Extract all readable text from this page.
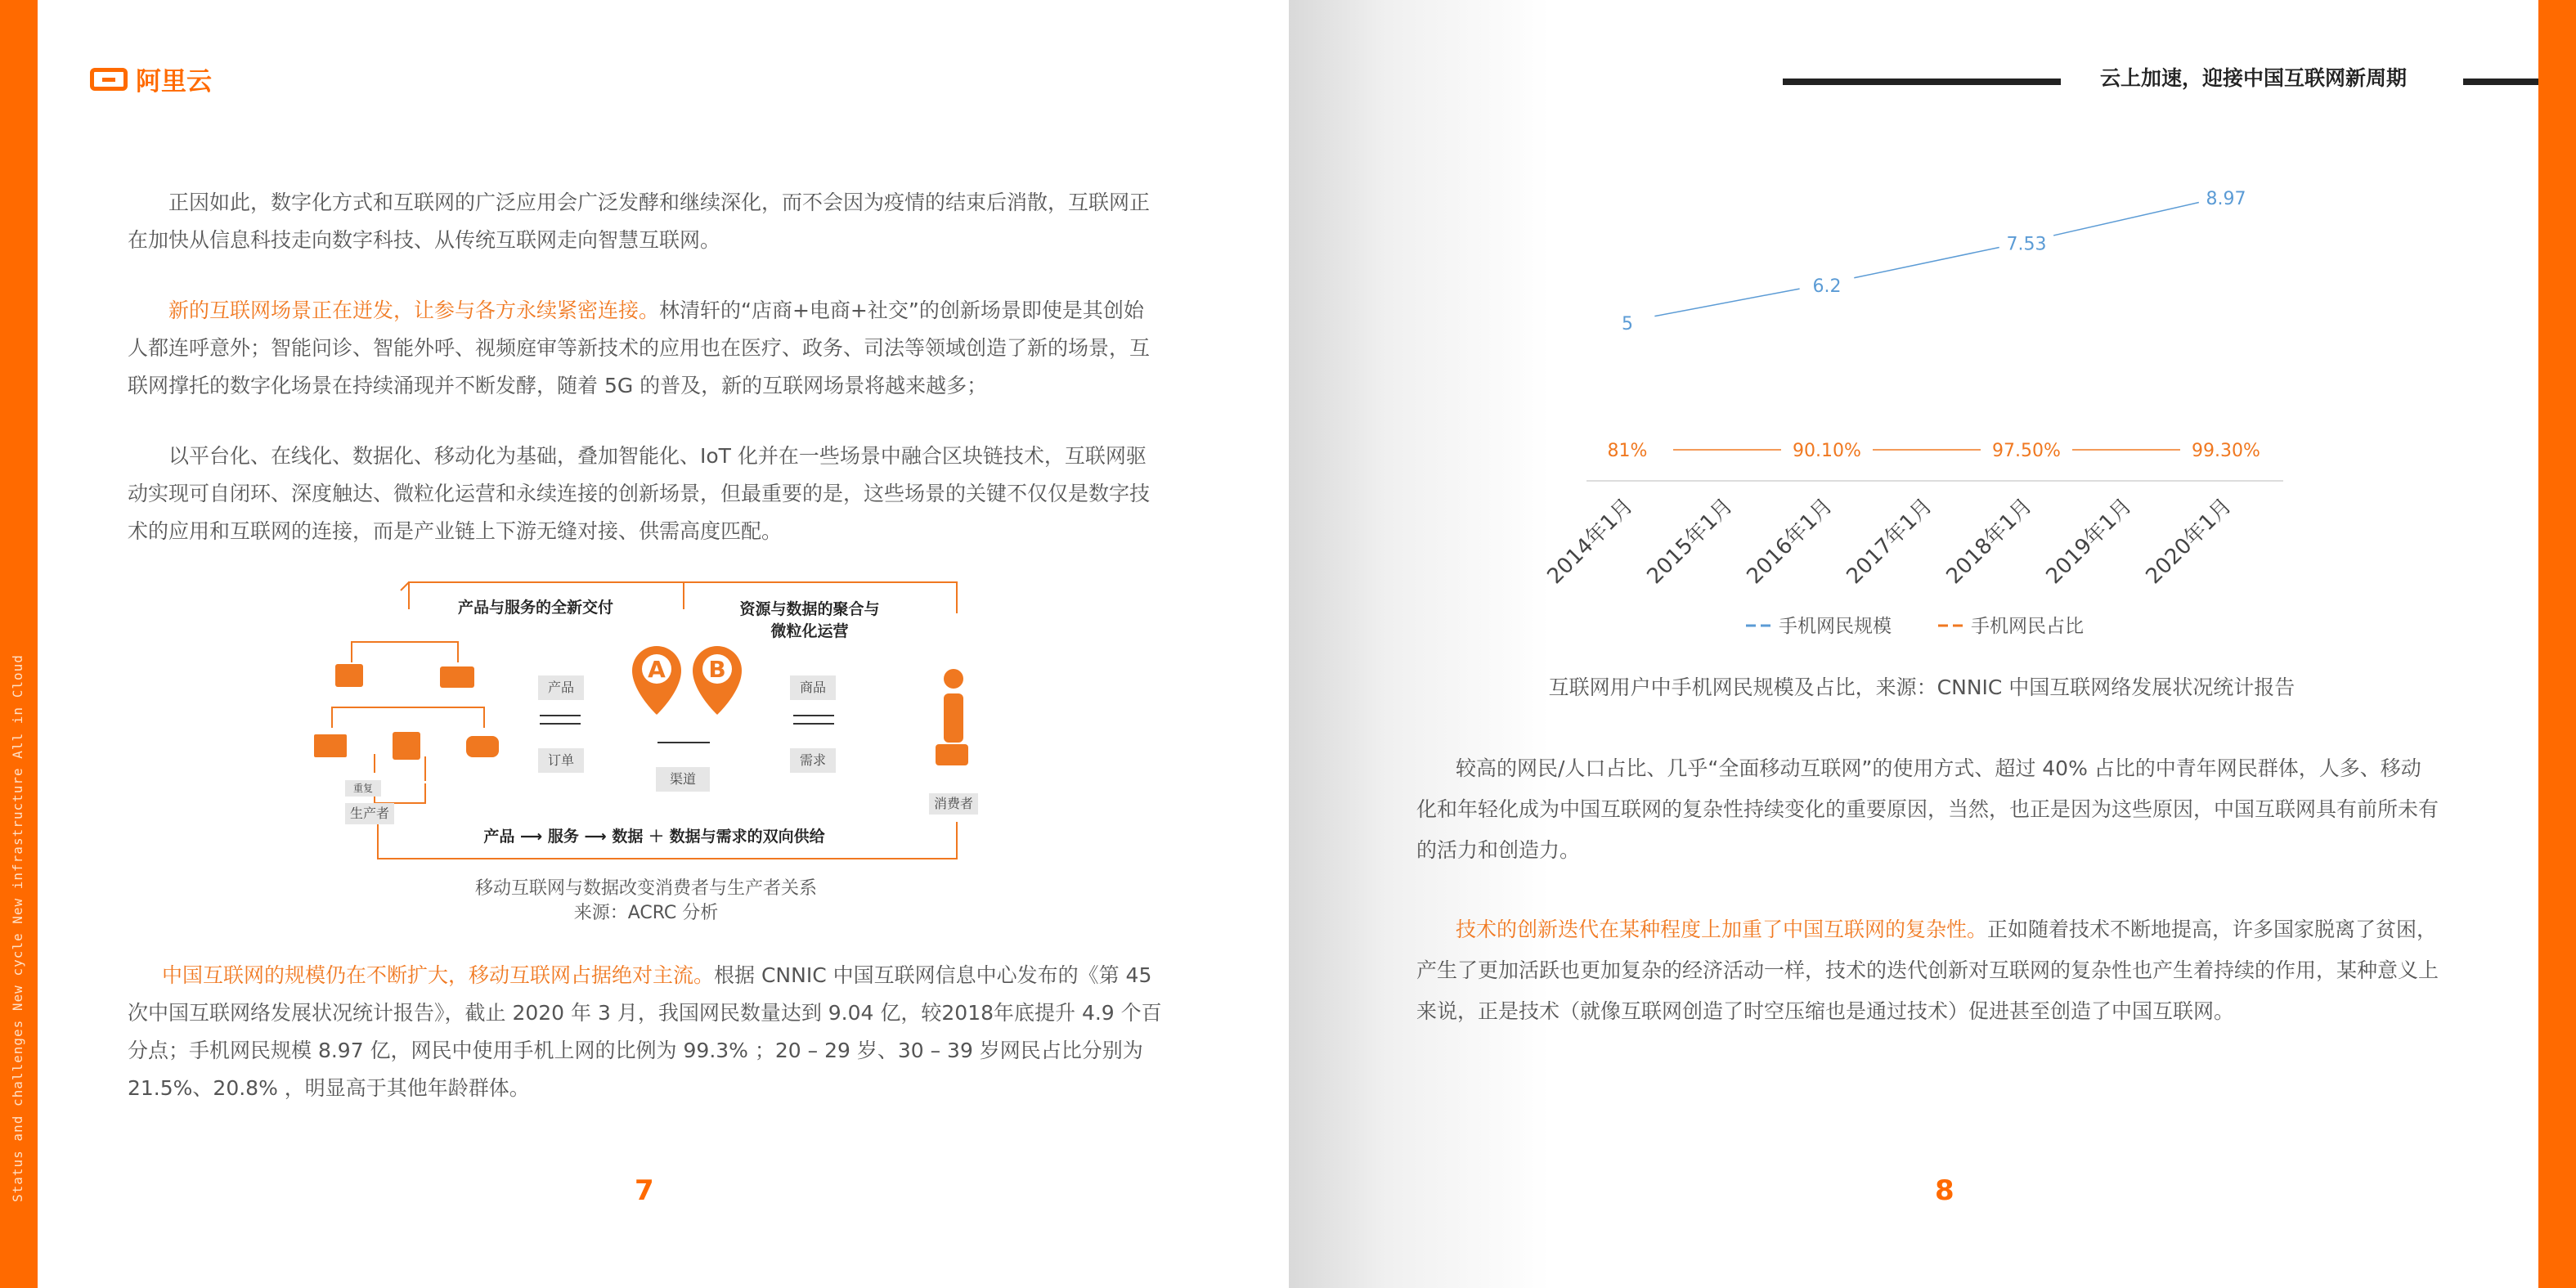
Status and challenges New cycle New infrastructure All in Cloud
阿里云
正因如此，数字化方式和互联网的广泛应用会广泛发酵和继续深化，而不会因为疫情的结束后消散，互联网正
在加快从信息科技走向数字科技、从传统互联网走向智慧互联网。
新的互联网场景正在迸发，让参与各方永续紧密连接。林清轩的“店商+电商+社交”的创新场景即使是其创始
人都连呼意外；智能问诊、智能外呼、视频庭审等新技术的应用也在医疗、政务、司法等领域创造了新的场景，互
联网撑托的数字化场景在持续涌现并不断发酵，随着 5G 的普及，新的互联网场景将越来越多；
以平台化、在线化、数据化、移动化为基础，叠加智能化、IoT 化并在一些场景中融合区块链技术，互联网驱
动实现可自闭环、深度触达、微粒化运营和永续连接的创新场景，但最重要的是，这些场景的关键不仅仅是数字技
术的应用和互联网的连接，而是产业链上下游无缝对接、供需高度匹配。
产品与服务的全新交付	资源与数据的聚合与
微粒化运营
产品
订单
商品
需求
渠道
A B
重复
生产者
消费者
产品 ⟶ 服务 ⟶ 数据 ＋ 数据与需求的双向供给
移动互联网与数据改变消费者与生产者关系
来源：ACRC 分析
中国互联网的规模仍在不断扩大，移动互联网占据绝对主流。根据 CNNIC 中国互联网信息中心发布的《第 45
次中国互联网络发展状况统计报告》，截止 2020 年 3 月，我国网民数量达到 9.04 亿，较2018年底提升 4.9 个百
分点；手机网民规模 8.97 亿，网民中使用手机上网的比例为 99.3% ；20 – 29 岁、30 – 39 岁网民占比分别为
21.5%、20.8% ，明显高于其他年龄群体。
7
云上加速，迎接中国互联网新周期
5
6.2
7.53
8.97
81%	90.10%	97.50%	99.30%
2014年1月 2015年1月 2016年1月 2017年1月 2018年1月 2019年1月 2020年1月
手机网民规模	手机网民占比
互联网用户中手机网民规模及占比，来源：CNNIC 中国互联网络发展状况统计报告
较高的网民/人口占比、几乎“全面移动互联网”的使用方式、超过 40% 占比的中青年网民群体，人多、移动
化和年轻化成为中国互联网的复杂性持续变化的重要原因，当然，也正是因为这些原因，中国互联网具有前所未有
的活力和创造力。
技术的创新迭代在某种程度上加重了中国互联网的复杂性。正如随着技术不断地提高，许多国家脱离了贫困，
产生了更加活跃也更加复杂的经济活动一样，技术的迭代创新对互联网的复杂性也产生着持续的作用，某种意义上
来说，正是技术（就像互联网创造了时空压缩也是通过技术）促进甚至创造了中国互联网。
8
